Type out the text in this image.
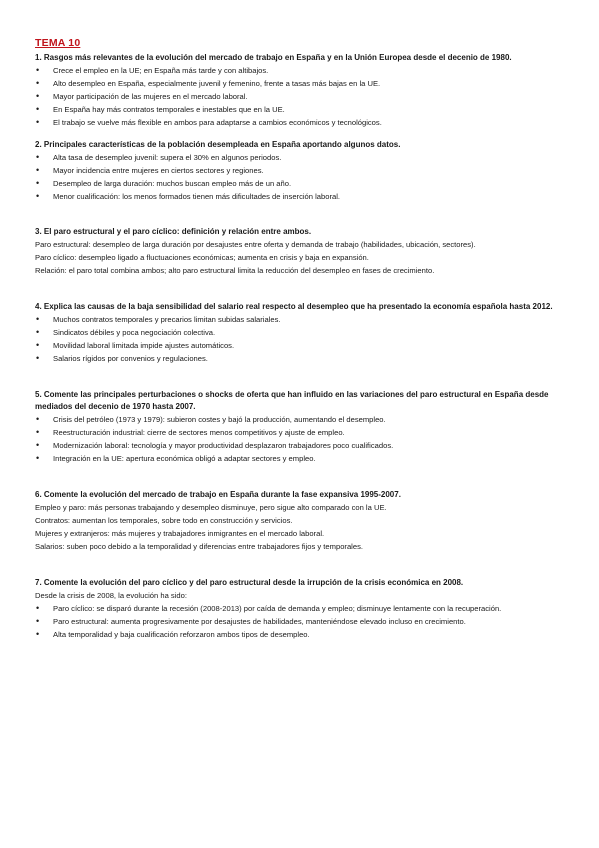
TEMA 10

1. Rasgos más relevantes de la evolución del mercado de trabajo en España y en la Unión Europea desde el decenio de 1980.

• Crece el empleo en la UE; en España más tarde y con altibajos.
• Alto desempleo en España, especialmente juvenil y femenino, frente a tasas más bajas en la UE.
• Mayor participación de las mujeres en el mercado laboral.
• En España hay más contratos temporales e inestables que en la UE.
• El trabajo se vuelve más flexible en ambos para adaptarse a cambios económicos y tecnológicos.

2. Principales características de la población desempleada en España aportando algunos datos.

• Alta tasa de desempleo juvenil: supera el 30% en algunos periodos.
• Mayor incidencia entre mujeres en ciertos sectores y regiones.
• Desempleo de larga duración: muchos buscan empleo más de un año.
• Menor cualificación: los menos formados tienen más dificultades de inserción laboral.

3. El paro estructural y el paro cíclico: definición y relación entre ambos.

Paro estructural: desempleo de larga duración por desajustes entre oferta y demanda de trabajo (habilidades, ubicación, sectores).

Paro cíclico: desempleo ligado a fluctuaciones económicas; aumenta en crisis y baja en expansión.

Relación: el paro total combina ambos; alto paro estructural limita la reducción del desempleo en fases de crecimiento.

4. Explica las causas de la baja sensibilidad del salario real respecto al desempleo que ha presentado la economía española hasta 2012.

• Muchos contratos temporales y precarios limitan subidas salariales.
• Sindicatos débiles y poca negociación colectiva.
• Movilidad laboral limitada impide ajustes automáticos.
• Salarios rígidos por convenios y regulaciones.

5. Comente las principales perturbaciones o shocks de oferta que han influido en las variaciones del paro estructural en España desde mediados del decenio de 1970 hasta 2007.

• Crisis del petróleo (1973 y 1979): subieron costes y bajó la producción, aumentando el desempleo.
• Reestructuración industrial: cierre de sectores menos competitivos y ajuste de empleo.
• Modernización laboral: tecnología y mayor productividad desplazaron trabajadores poco cualificados.
• Integración en la UE: apertura económica obligó a adaptar sectores y empleo.

6. Comente la evolución del mercado de trabajo en España durante la fase expansiva 1995-2007.

Empleo y paro: más personas trabajando y desempleo disminuye, pero sigue alto comparado con la UE.

Contratos: aumentan los temporales, sobre todo en construcción y servicios.

Mujeres y extranjeros: más mujeres y trabajadores inmigrantes en el mercado laboral.

Salarios: suben poco debido a la temporalidad y diferencias entre trabajadores fijos y temporales.

7. Comente la evolución del paro cíclico y del paro estructural desde la irrupción de la crisis económica en 2008.

Desde la crisis de 2008, la evolución ha sido:

• Paro cíclico: se disparó durante la recesión (2008-2013) por caída de demanda y empleo; disminuye lentamente con la recuperación.
• Paro estructural: aumenta progresivamente por desajustes de habilidades, manteniéndose elevado incluso en crecimiento.
• Alta temporalidad y baja cualificación reforzaron ambos tipos de desempleo.
